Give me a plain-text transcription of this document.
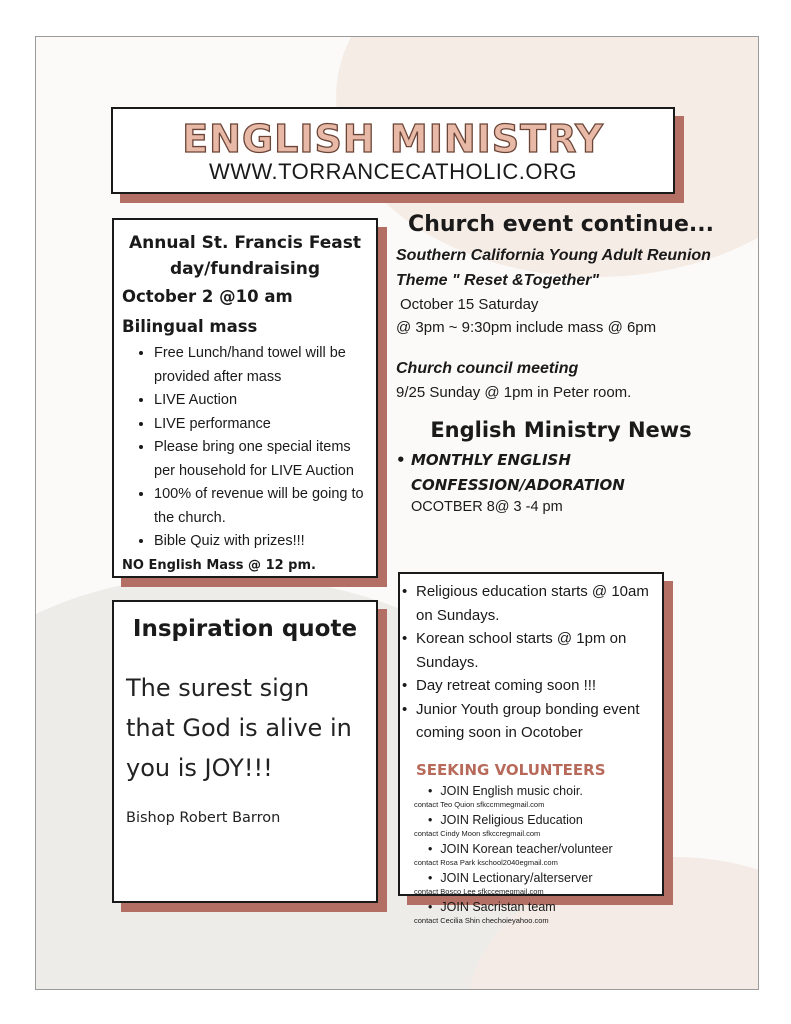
ENGLISH MINISTRY
WWW.TORRANCECATHOLIC.ORG
Annual St. Francis Feast day/fundraising
October 2 @10 am
Bilingual mass
• Free Lunch/hand towel will be provided after mass
• LIVE Auction
• LIVE performance
• Please bring one special items per household for LIVE Auction
• 100% of revenue will be going to the church.
• Bible Quiz with prizes!!!
NO English Mass @ 12 pm.
Inspiration quote
The surest sign that God is alive in you is JOY!!!
Bishop Robert Barron
Church event continue...
Southern California Young Adult Reunion
Theme " Reset &Together"
October 15 Saturday
@ 3pm ~ 9:30pm include mass @ 6pm
Church council meeting
9/25 Sunday @ 1pm in Peter room.
English Ministry News
• MONTHLY ENGLISH CONFESSION/ADORATION
OCOTBER 8@ 3 -4 pm
• Religious education starts @ 10am on Sundays.
• Korean school starts @ 1pm on Sundays.
• Day retreat coming soon !!!
• Junior Youth group bonding event coming soon in Ocotober
SEEKING VOLUNTEERS
• JOIN English music choir.
contact Teo Quion sfkccmmegmail.com
• JOIN Religious Education
contact Cindy Moon sfkccregmail.com
• JOIN Korean teacher/volunteer
contact Rosa Park kschool2040egmail.com
• JOIN Lectionary/alterserver
contact Bosco Lee sfkccemegmail.com
• JOIN Sacristan team
contact Cecilia Shin chechoieyahoo.com
